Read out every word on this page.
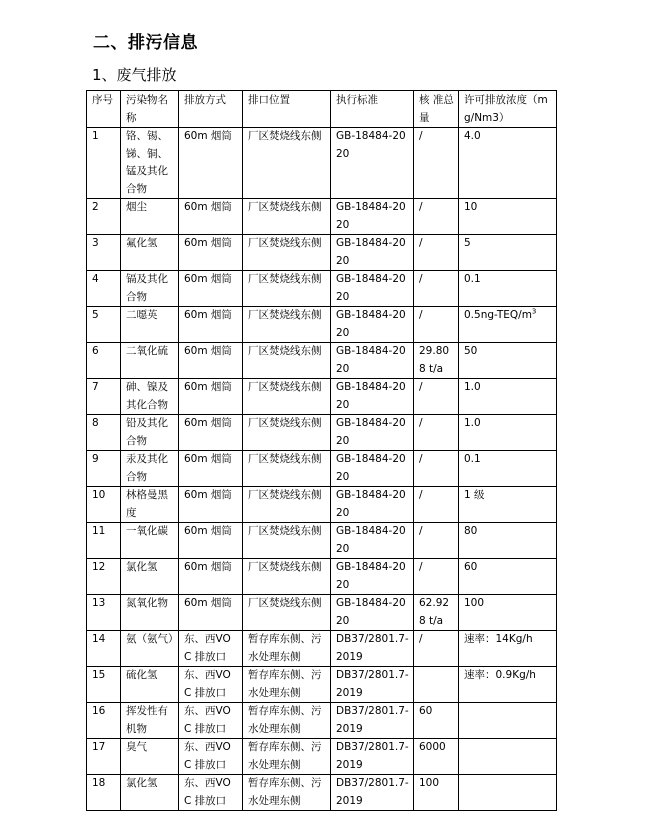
二、排污信息
1、废气排放
序号	污染物名称	排放方式	排口位置	执行标准	核 准总量	许可排放浓度（mg/Nm3）
1	铬、锡、锑、铜、锰及其化合物	60m 烟筒	厂区焚烧线东侧	GB-18484-2020	/	4.0
2	烟尘	60m 烟筒	厂区焚烧线东侧	GB-18484-2020	/	10
3	氟化氢	60m 烟筒	厂区焚烧线东侧	GB-18484-2020	/	5
4	镉及其化合物	60m 烟筒	厂区焚烧线东侧	GB-18484-2020	/	0.1
5	二噁英	60m 烟筒	厂区焚烧线东侧	GB-18484-2020	/	$0.5ng-TEQ/m^3$
6	二氧化硫	60m 烟筒	厂区焚烧线东侧	GB-18484-2020	29.808 t/a	50
7	砷、镍及其化合物	60m 烟筒	厂区焚烧线东侧	GB-18484-2020	/	1.0
8	铅及其化合物	60m 烟筒	厂区焚烧线东侧	GB-18484-2020	/	1.0
9	汞及其化合物	60m 烟筒	厂区焚烧线东侧	GB-18484-2020	/	0.1
10	林格曼黑度	60m 烟筒	厂区焚烧线东侧	GB-18484-2020	/	1 级
11	一氧化碳	60m 烟筒	厂区焚烧线东侧	GB-18484-2020	/	80
12	氯化氢	60m 烟筒	厂区焚烧线东侧	GB-18484-2020	/	60
13	氮氧化物	60m 烟筒	厂区焚烧线东侧	GB-18484-2020	62.928 t/a	100
14	氨（氨气）	东、西VOC 排放口	暂存库东侧、污水处理东侧	DB37/2801.7-2019	/	速率：14Kg/h
15	硫化氢	东、西VOC 排放口	暂存库东侧、污水处理东侧	DB37/2801.7-2019		速率：0.9Kg/h
16	挥发性有机物	东、西VOC 排放口	暂存库东侧、污水处理东侧	DB37/2801.7-2019	60	
17	臭气	东、西VOC 排放口	暂存库东侧、污水处理东侧	DB37/2801.7-2019	6000	
18	氯化氢	东、西VOC 排放口	暂存库东侧、污水处理东侧	DB37/2801.7-2019	100	
